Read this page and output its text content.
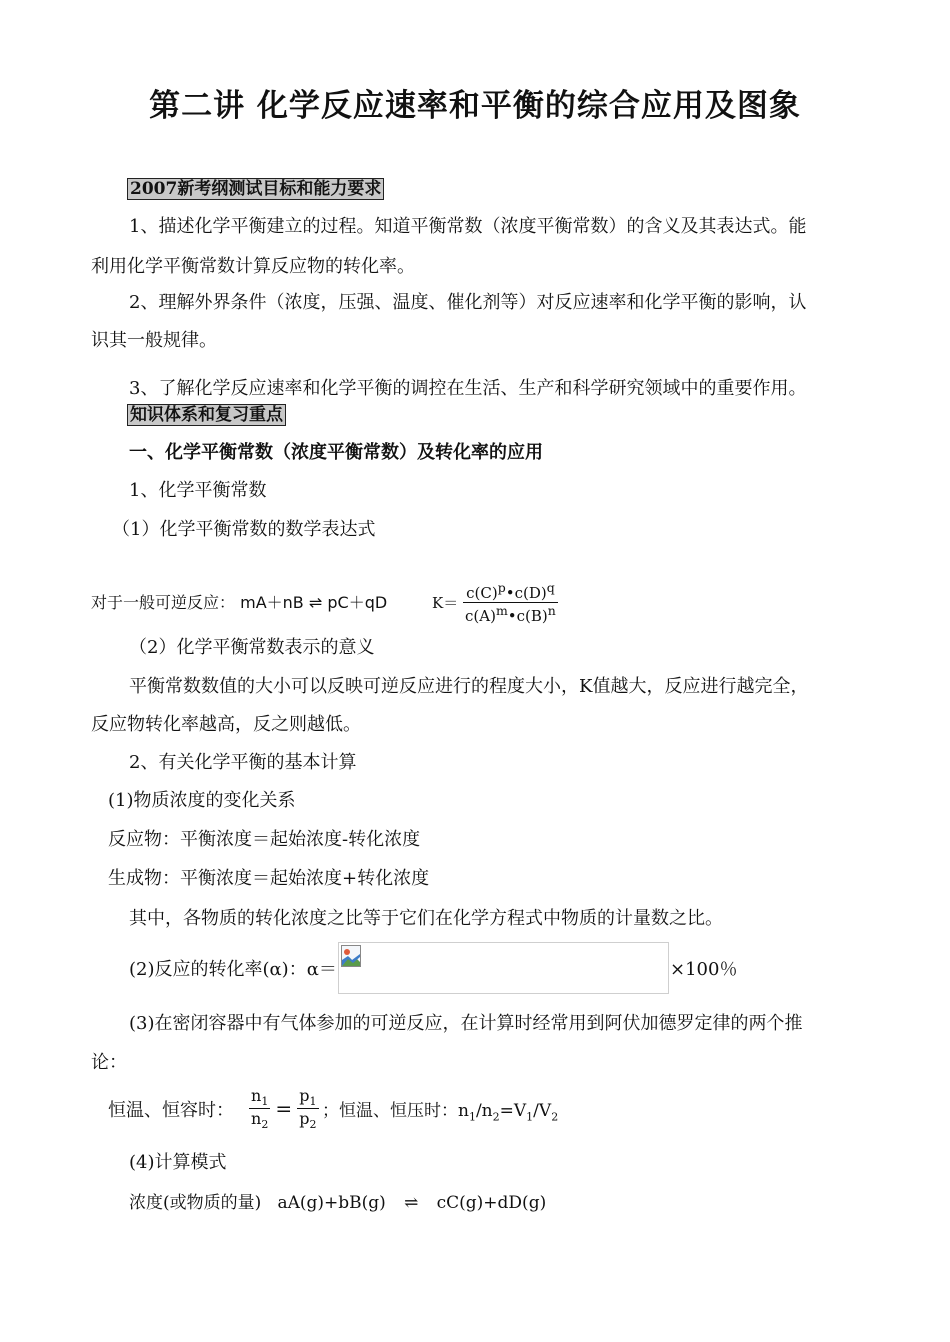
第二讲 化学反应速率和平衡的综合应用及图象
2007新考纲测试目标和能力要求
1、描述化学平衡建立的过程。知道平衡常数（浓度平衡常数）的含义及其表达式。能
利用化学平衡常数计算反应物的转化率。
2、理解外界条件（浓度，压强、温度、催化剂等）对反应速率和化学平衡的影响，认
识其一般规律。
3、了解化学反应速率和化学平衡的调控在生活、生产和科学研究领域中的重要作用。
知识体系和复习重点
一、化学平衡常数（浓度平衡常数）及转化率的应用
1、化学平衡常数
（1）化学平衡常数的数学表达式
对于一般可逆反应： mA＋nB ⇌ pC＋qD	$K= \frac{c(C)^p•c(D)^q}{c(A)^m•c(B)^n}$
（2）化学平衡常数表示的意义
平衡常数数值的大小可以反映可逆反应进行的程度大小，K值越大，反应进行越完全，
反应物转化率越高，反之则越低。
2、有关化学平衡的基本计算
(1)物质浓度的变化关系
反应物：平衡浓度＝起始浓度-转化浓度
生成物：平衡浓度＝起始浓度+转化浓度
其中，各物质的转化浓度之比等于它们在化学方程式中物质的计量数之比。
(2)反应的转化率(α)：α＝	×100％
(3)在密闭容器中有气体参加的可逆反应，在计算时经常用到阿伏加德罗定律的两个推
论：
恒温、恒容时： $\frac{n_1}{n_2} = \frac{p_1}{p_2}$ ；恒温、恒压时：$n_1/n_2=V_1/V_2$
(4)计算模式
浓度(或物质的量)   aA(g)+bB(g) ⇌ cC(g)+dD(g)
